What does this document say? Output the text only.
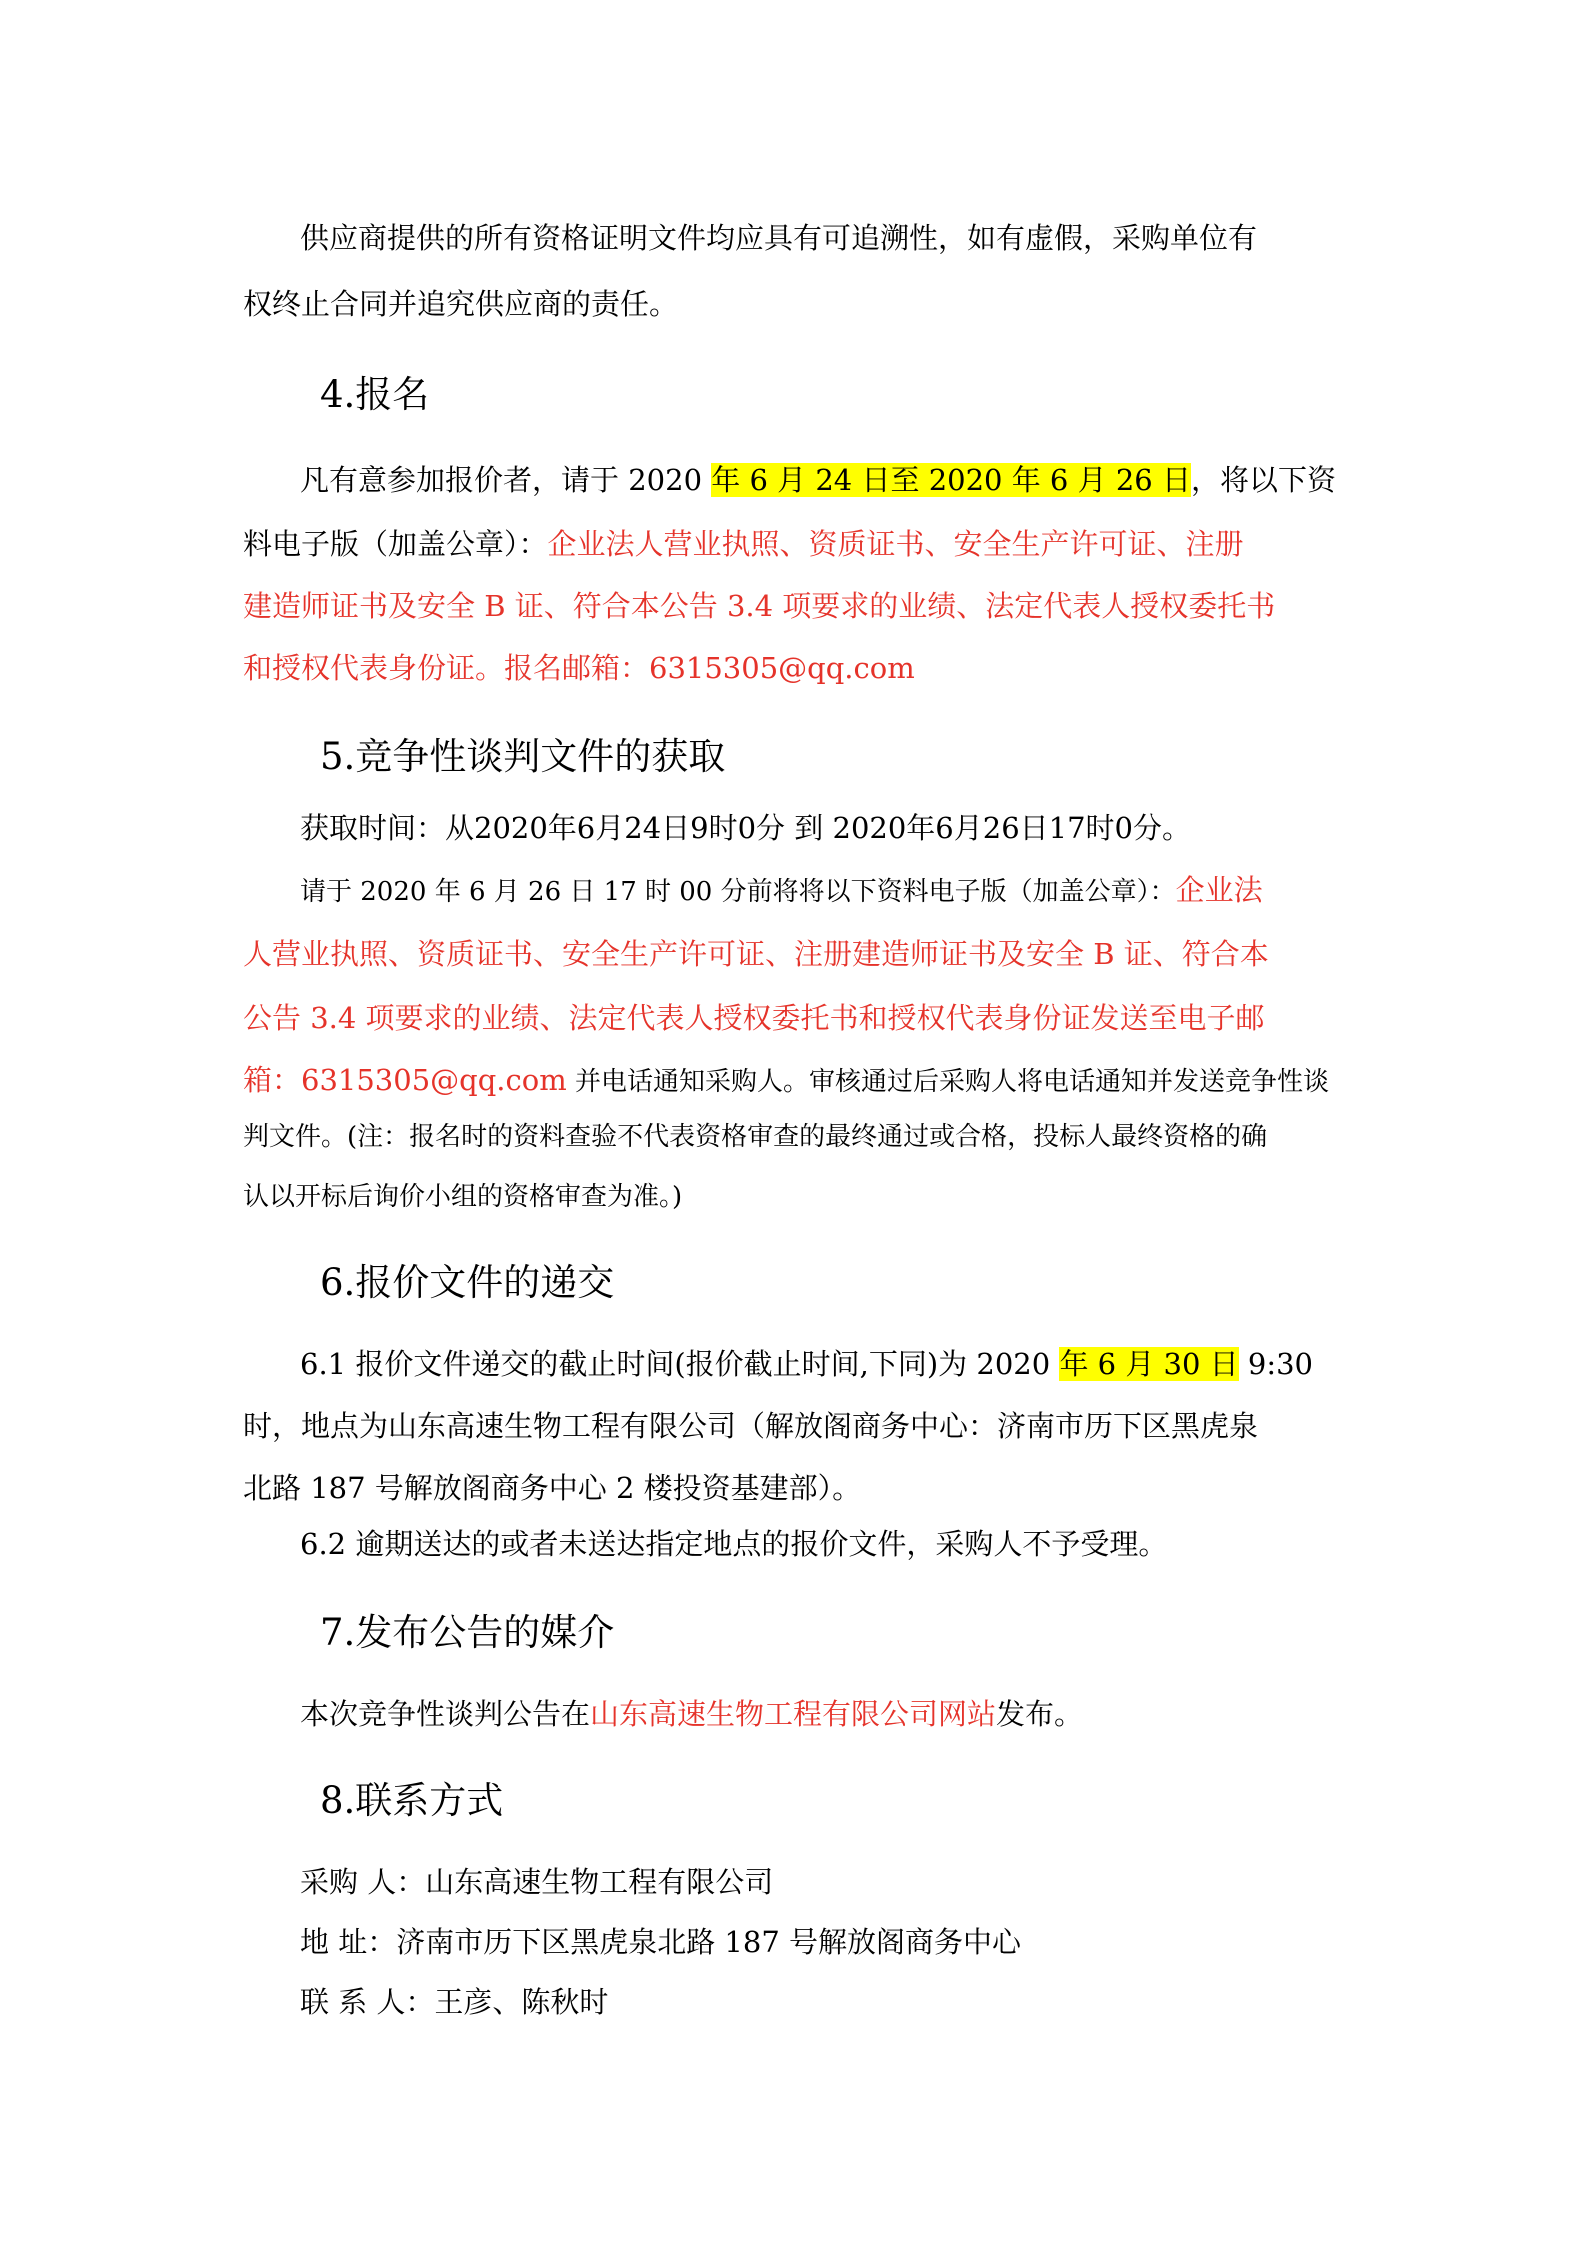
供应商提供的所有资格证明文件均应具有可追溯性，如有虚假，采购单位有
权终止合同并追究供应商的责任。
4.报名
凡有意参加报价者，请于 2020 年 6 月 24 日至 2020 年 6 月 26 日，将以下资
料电子版（加盖公章）：企业法人营业执照、资质证书、安全生产许可证、注册
建造师证书及安全 B 证、符合本公告 3.4 项要求的业绩、法定代表人授权委托书
和授权代表身份证。报名邮箱：6315305@qq.com
5.竞争性谈判文件的获取
获取时间：从2020年6月24日9时0分 到 2020年6月26日17时0分。
请于 2020 年 6 月 26 日 17 时 00 分前将将以下资料电子版（加盖公章）：企业法
人营业执照、资质证书、安全生产许可证、注册建造师证书及安全 B 证、符合本
公告 3.4 项要求的业绩、法定代表人授权委托书和授权代表身份证发送至电子邮
箱：6315305@qq.com 并电话通知采购人。审核通过后采购人将电话通知并发送竞争性谈
判文件。(注：报名时的资料查验不代表资格审查的最终通过或合格，投标人最终资格的确
认以开标后询价小组的资格审查为准。)
6.报价文件的递交
6.1 报价文件递交的截止时间(报价截止时间,下同)为 2020 年 6 月 30 日 9:30
时，地点为山东高速生物工程有限公司（解放阁商务中心：济南市历下区黑虎泉
北路 187 号解放阁商务中心 2 楼投资基建部）。
6.2 逾期送达的或者未送达指定地点的报价文件，采购人不予受理。
7.发布公告的媒介
本次竞争性谈判公告在山东高速生物工程有限公司网站发布。
8.联系方式
采购 人：山东高速生物工程有限公司
地 址：济南市历下区黑虎泉北路 187 号解放阁商务中心
联 系 人：王彦、陈秋时
